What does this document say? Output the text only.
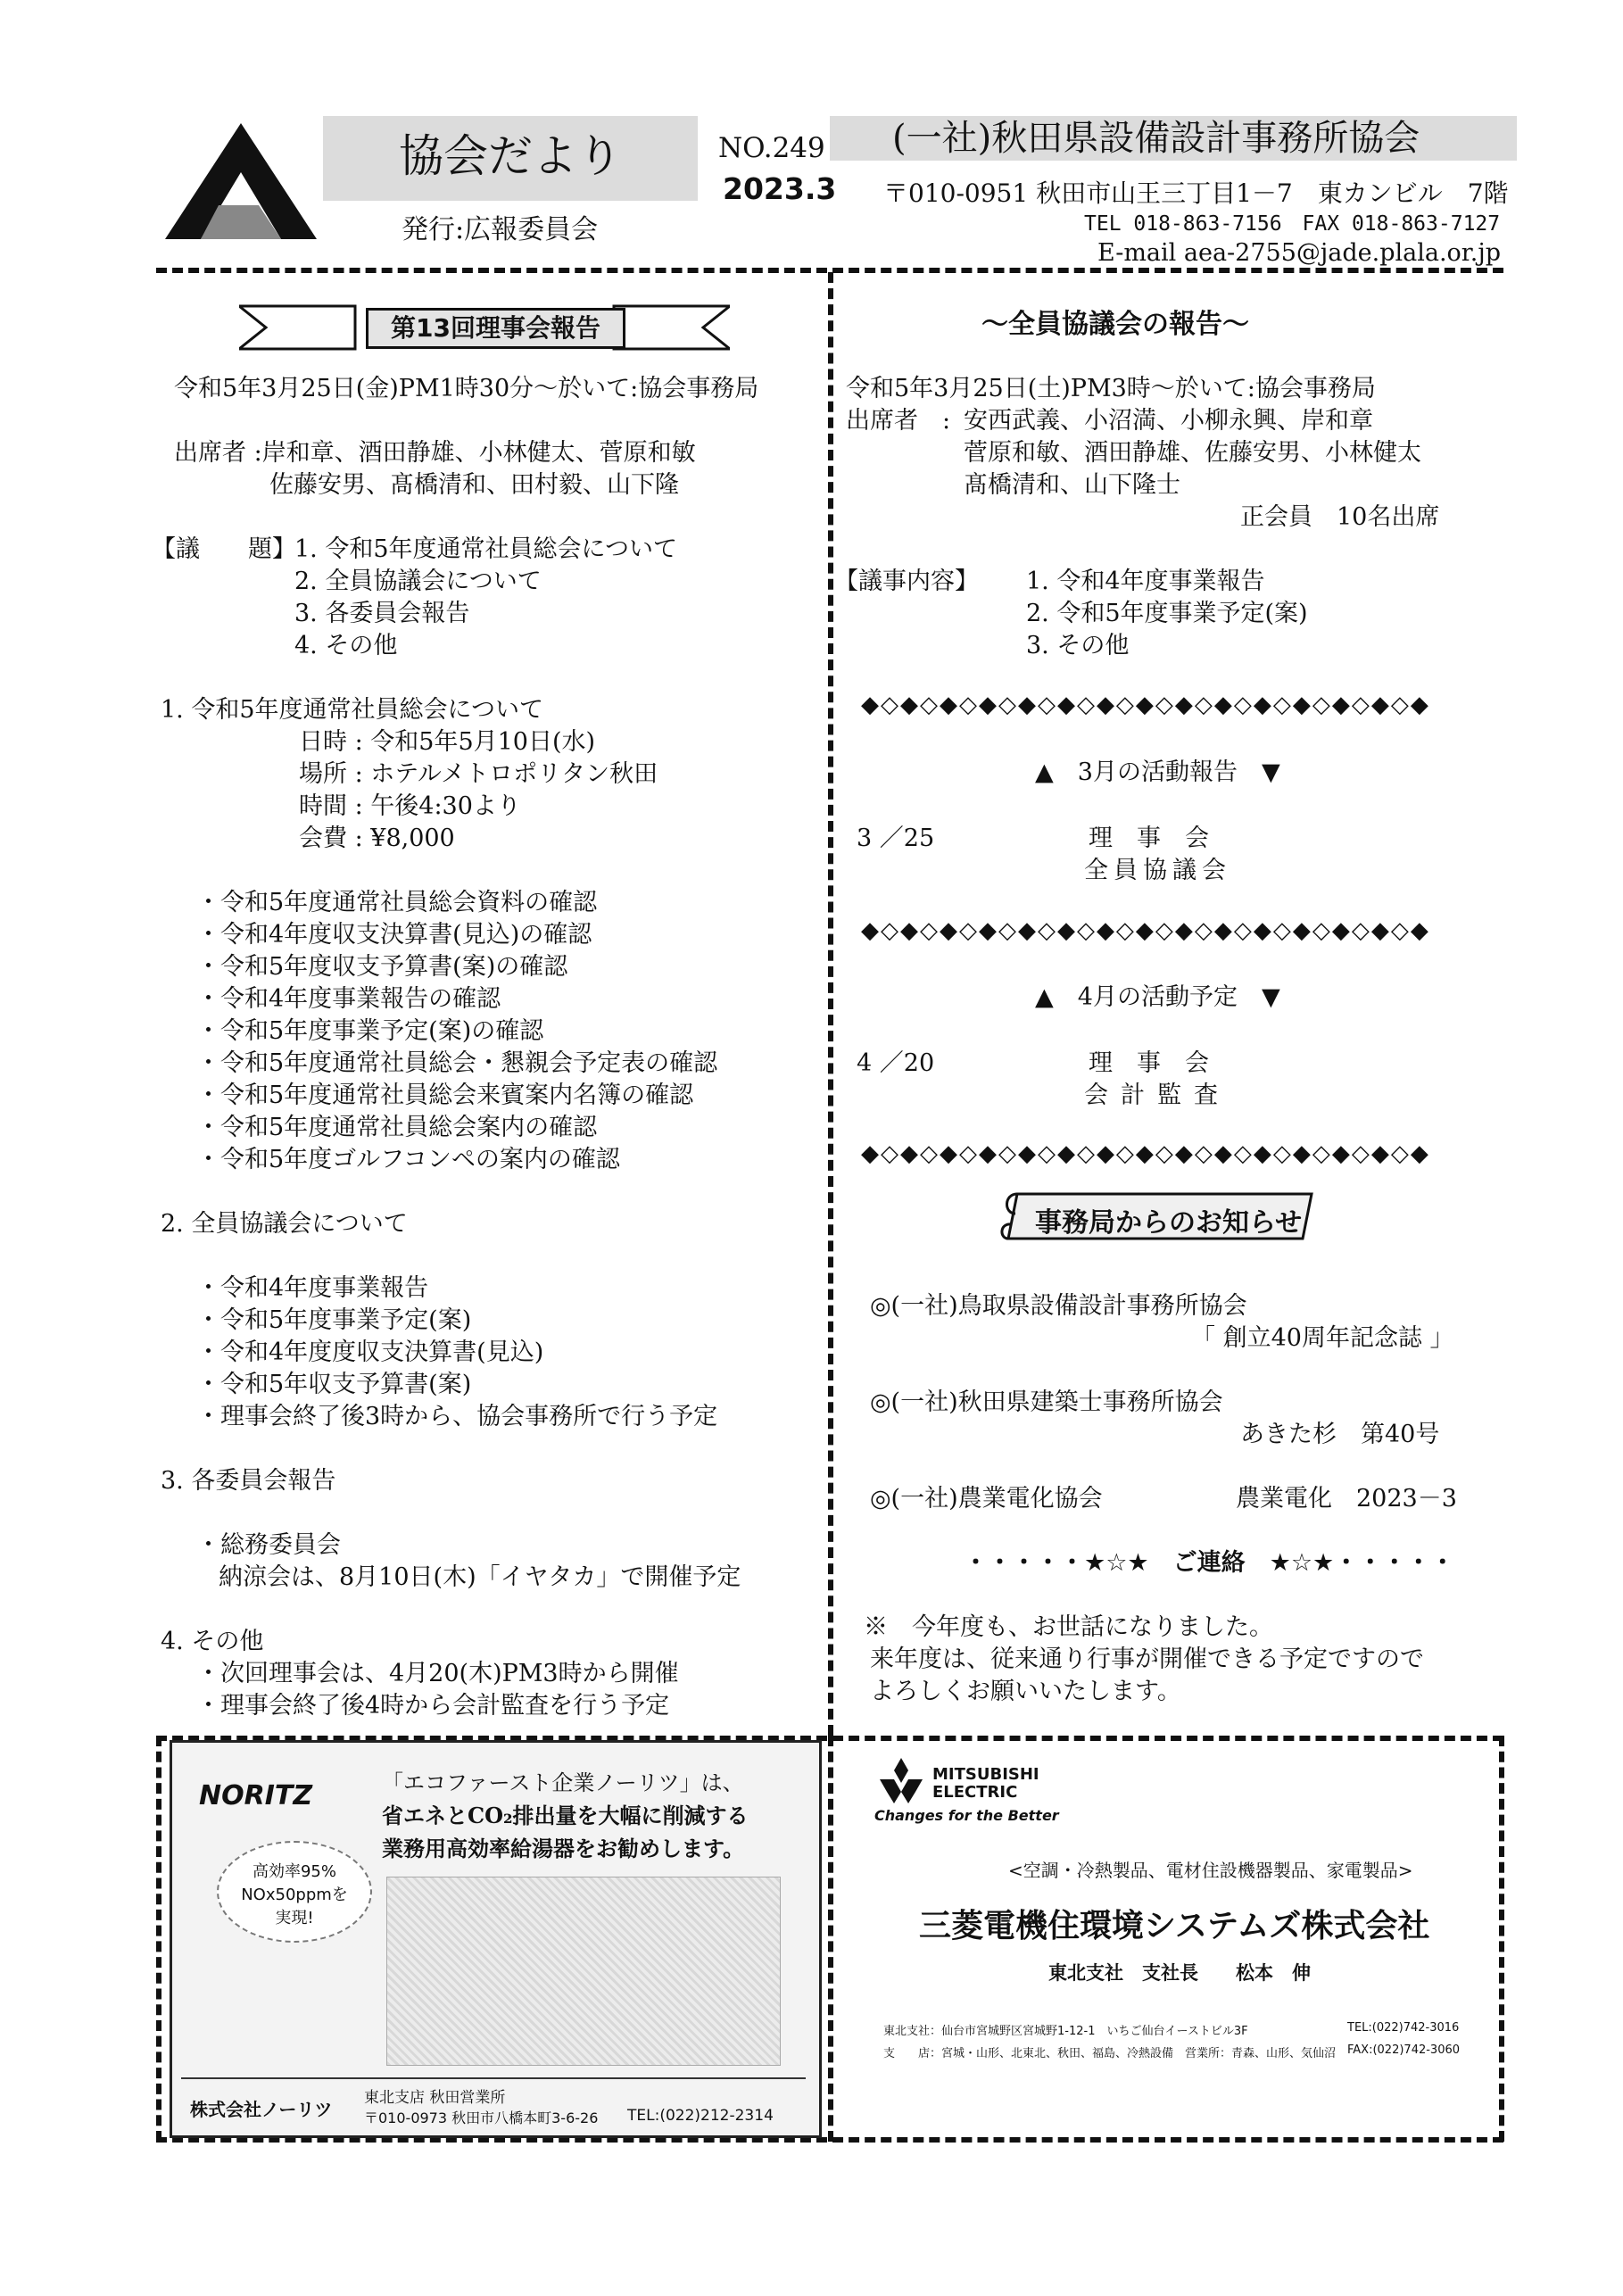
協会だより
発行:広報委員会
NO.249
2023.3
(一社)秋田県設備設計事務所協会
〒010-0951 秋田市山王三丁目1－7　東カンビル　7階
TEL 018-863-7156　FAX 018-863-7127
E-mail aea-2755@jade.plala.or.jp
第13回理事会報告
令和5年3月25日(金)PM1時30分～於いて:協会事務局
出席者 :岸和章、酒田静雄、小林健太、菅原和敏
佐藤安男、髙橋清和、田村毅、山下隆
【議　　題】
1. 令和5年度通常社員総会について
2. 全員協議会について
3. 各委員会報告
4. その他
1. 令和5年度通常社員総会について
日時 : 令和5年5月10日(水)
場所 : ホテルメトロポリタン秋田
時間 : 午後4:30より
会費 : ¥8,000
・令和5年度通常社員総会資料の確認
・令和4年度収支決算書(見込)の確認
・令和5年度収支予算書(案)の確認
・令和4年度事業報告の確認
・令和5年度事業予定(案)の確認
・令和5年度通常社員総会・懇親会予定表の確認
・令和5年度通常社員総会来賓案内名簿の確認
・令和5年度通常社員総会案内の確認
・令和5年度ゴルフコンペの案内の確認
2. 全員協議会について
・令和4年度事業報告
・令和5年度事業予定(案)
・令和4年度度収支決算書(見込)
・令和5年収支予算書(案)
・理事会終了後3時から、協会事務所で行う予定
3. 各委員会報告
・総務委員会
納涼会は、8月10日(木)「イヤタカ」で開催予定
4. その他
・次回理事会は、4月20(木)PM3時から開催
・理事会終了後4時から会計監査を行う予定
～全員協議会の報告～
令和5年3月25日(土)PM3時～於いて:協会事務局
出席者　: 安西武義、小沼満、小柳永興、岸和章
菅原和敏、酒田静雄、佐藤安男、小林健太
髙橋清和、山下隆士
正会員　10名出席
【議事内容】 1. 令和4年度事業報告
2. 令和5年度事業予定(案)
3. その他
◆◇◆◇◆◇◆◇◆◇◆◇◆◇◆◇◆◇◆◇◆◇◆◇◆◇◆◇◆
▲　3月の活動報告　▼
3 ／25	理　事　会
全員協議会
◆◇◆◇◆◇◆◇◆◇◆◇◆◇◆◇◆◇◆◇◆◇◆◇◆◇◆◇◆
▲　4月の活動予定　▼
4 ／20	理　事　会
会計監査
◆◇◆◇◆◇◆◇◆◇◆◇◆◇◆◇◆◇◆◇◆◇◆◇◆◇◆◇◆
事務局からのお知らせ
◎(一社)鳥取県設備設計事務所協会
「 創立40周年記念誌 」
◎(一社)秋田県建築士事務所協会
あきた杉　第40号
◎(一社)農業電化協会	農業電化　2023－3
・・・・・★☆★　ご連絡　★☆★・・・・・
※　今年度も、お世話になりました。
来年度は、従来通り行事が開催できる予定ですので
よろしくお願いいたします。
NORITZ
高効率95%
NOx50ppmを
実現!
「エコファースト企業ノーリツ」は、
省エネとCO₂排出量を大幅に削減する
業務用高効率給湯器をお勧めします。
株式会社ノーリツ
東北支店 秋田営業所
〒010-0973 秋田市八橋本町3-6-26 TEL:(022)212-2314
MITSUBISHI
ELECTRIC
Changes for the Better
<空調・冷熱製品、電材住設機器製品、家電製品>
三菱電機住環境システムズ株式会社
東北支社　支社長　　松本　伸
東北支社：仙台市宮城野区宮城野1-12-1　いちご仙台イーストビル3F	TEL:(022)742-3016
支　　店：宮城・山形、北東北、秋田、福島、冷熱設備　営業所：青森、山形、気仙沼 FAX:(022)742-3060
